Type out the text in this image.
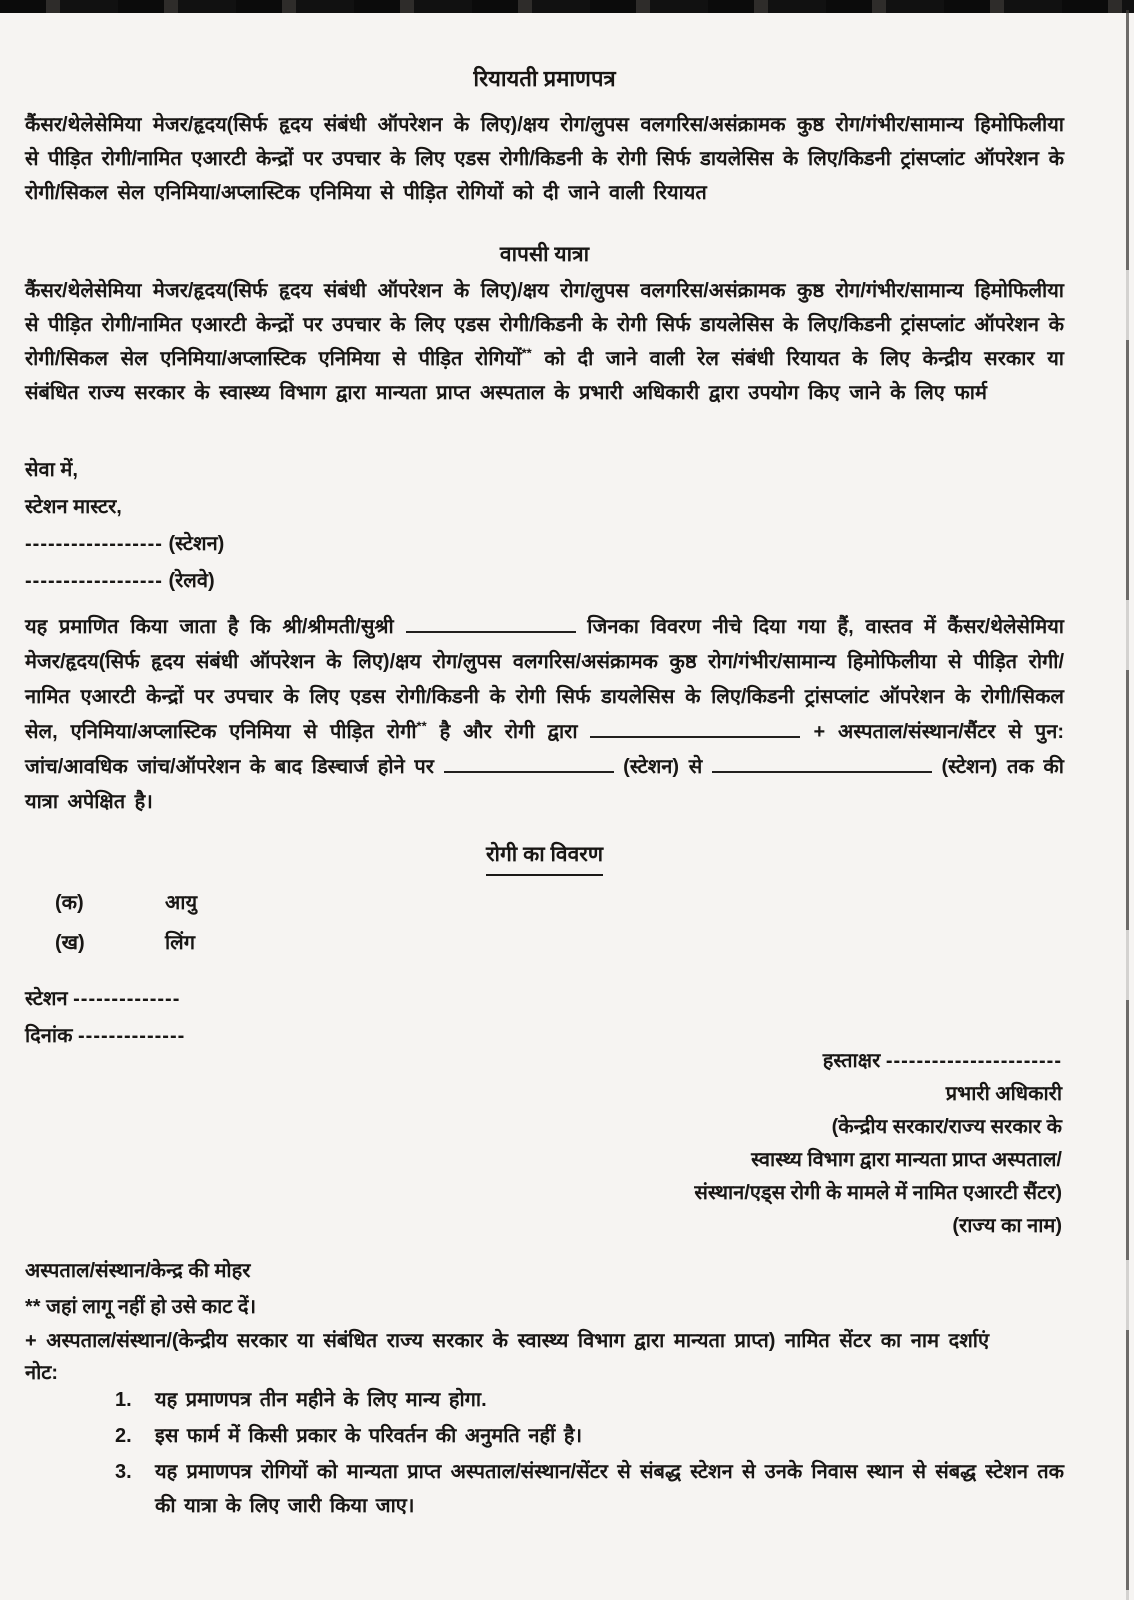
रियायती प्रमाणपत्र
कैंसर/थेलेसेमिया मेजर/हृदय(सिर्फ हृदय संबंधी ऑपरेशन के लिए)/क्षय रोग/लुपस वलगरिस/असंक्रामक कुष्ठ रोग/गंभीर/सामान्य हिमोफिलीया से पीड़ित रोगी/नामित एआरटी केन्द्रों पर उपचार के लिए एडस रोगी/किडनी के रोगी सिर्फ डायलेसिस के लिए/किडनी ट्रांसप्लांट ऑपरेशन के रोगी/सिकल सेल एनिमिया/अप्लास्टिक एनिमिया से पीड़ित रोगियों को दी जाने वाली रियायत
वापसी यात्रा
कैंसर/थेलेसेमिया मेजर/हृदय(सिर्फ हृदय संबंधी ऑपरेशन के लिए)/क्षय रोग/लुपस वलगरिस/असंक्रामक कुष्ठ रोग/गंभीर/सामान्य हिमोफिलीया से पीड़ित रोगी/नामित एआरटी केन्द्रों पर उपचार के लिए एडस रोगी/किडनी के रोगी सिर्फ डायलेसिस के लिए/किडनी ट्रांसप्लांट ऑपरेशन के रोगी/सिकल सेल एनिमिया/अप्लास्टिक एनिमिया से पीड़ित रोगियों** को दी जाने वाली रेल संबंधी रियायत के लिए केन्द्रीय सरकार या संबंधित राज्य सरकार के स्वास्थ्य विभाग द्वारा मान्यता प्राप्त अस्पताल के प्रभारी अधिकारी द्वारा उपयोग किए जाने के लिए फार्म
सेवा में,
स्टेशन मास्टर,
------------------ (स्टेशन)
------------------ (रेलवे)
यह प्रमाणित किया जाता है कि श्री/श्रीमती/सुश्री	जिनका विवरण नीचे दिया गया हैं, वास्तव में कैंसर/थेलेसेमिया मेजर/हृदय(सिर्फ हृदय संबंधी ऑपरेशन के लिए)/क्षय रोग/लुपस वलगरिस/असंक्रामक कुष्ठ रोग/गंभीर/सामान्य हिमोफिलीया से पीड़ित रोगी/नामित एआरटी केन्द्रों पर उपचार के लिए एडस रोगी/किडनी के रोगी सिर्फ डायलेसिस के लिए/किडनी ट्रांसप्लांट ऑपरेशन के रोगी/सिकल सेल, एनिमिया/अप्लास्टिक एनिमिया से पीड़ित रोगी** है और रोगी द्वारा	+ अस्पताल/संस्थान/सैंटर से पुन: जांच/आवधिक जांच/ऑपरेशन के बाद डिस्चार्ज होने पर	(स्टेशन) से	(स्टेशन) तक की यात्रा अपेक्षित है।
रोगी का विवरण
(क)	आयु
(ख)	लिंग
स्टेशन --------------
दिनांक --------------
हस्ताक्षर -----------------------
प्रभारी अधिकारी
(केन्द्रीय सरकार/राज्य सरकार के
स्वास्थ्य विभाग द्वारा मान्यता प्राप्त अस्पताल/
संस्थान/एड्स रोगी के मामले में नामित एआरटी सैंटर)
(राज्य का नाम)
अस्पताल/संस्थान/केन्द्र की मोहर
** जहां लागू नहीं हो उसे काट दें।
+ अस्पताल/संस्थान/(केन्द्रीय सरकार या संबंधित राज्य सरकार के स्वास्थ्य विभाग द्वारा मान्यता प्राप्त) नामित सेंटर का नाम दर्शाएं
नोट:
1. यह प्रमाणपत्र तीन महीने के लिए मान्य होगा.
2. इस फार्म में किसी प्रकार के परिवर्तन की अनुमति नहीं है।
3. यह प्रमाणपत्र रोगियों को मान्यता प्राप्त अस्पताल/संस्थान/सेंटर से संबद्ध स्टेशन से उनके निवास स्थान से संबद्ध स्टेशन तक की यात्रा के लिए जारी किया जाए।
